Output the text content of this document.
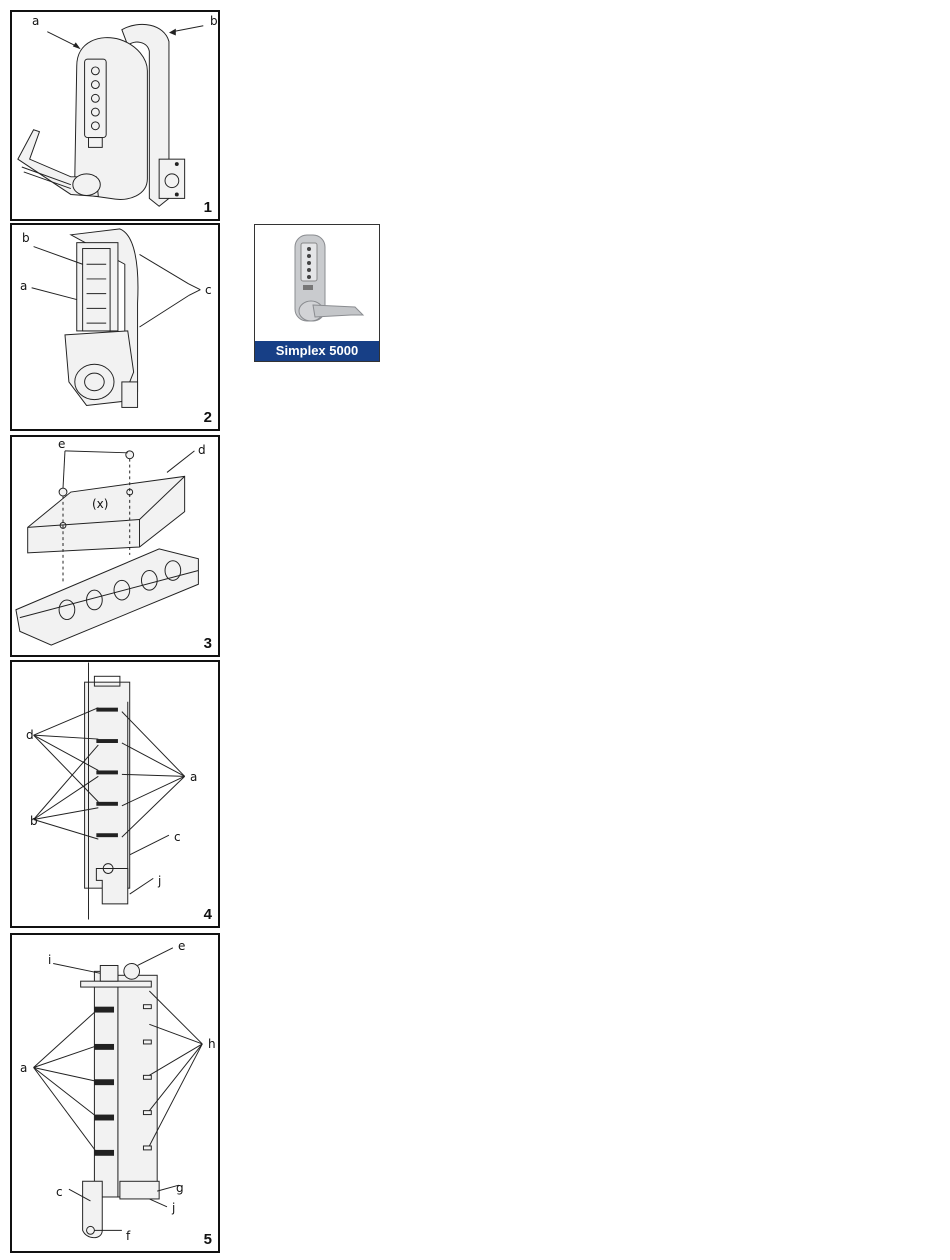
a	b
1
b
a	c
2
e	d
(x)
3
d
b
a
c
j
4
i
e
a
h
c	g
j
f	5
Simplex 5000
